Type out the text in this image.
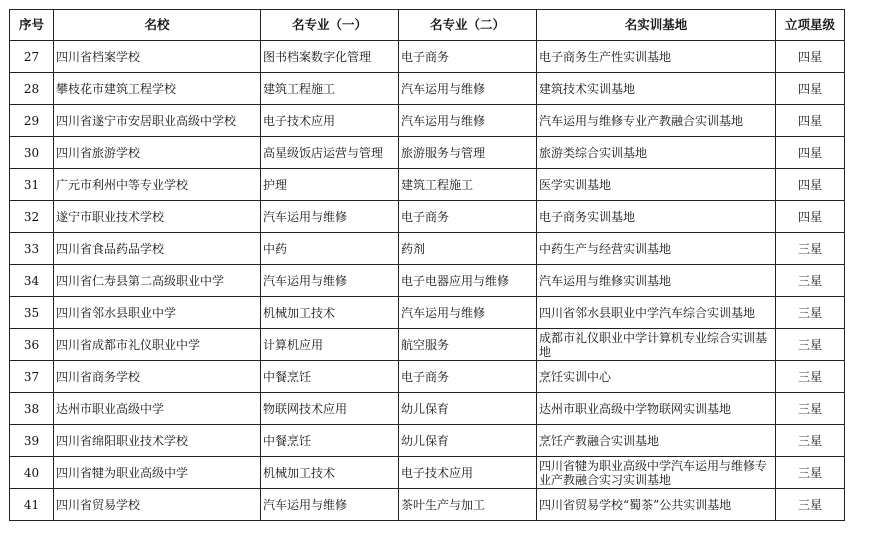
序号	名校	名专业（一）	名专业（二）	名实训基地	立项星级
27	四川省档案学校	图书档案数字化管理	电子商务	电子商务生产性实训基地	四星
28	攀枝花市建筑工程学校	建筑工程施工	汽车运用与维修	建筑技术实训基地	四星
29	四川省遂宁市安居职业高级中学校	电子技术应用	汽车运用与维修	汽车运用与维修专业产教融合实训基地	四星
30	四川省旅游学校	高星级饭店运营与管理	旅游服务与管理	旅游类综合实训基地	四星
31	广元市利州中等专业学校	护理	建筑工程施工	医学实训基地	四星
32	遂宁市职业技术学校	汽车运用与维修	电子商务	电子商务实训基地	四星
33	四川省食品药品学校	中药	药剂	中药生产与经营实训基地	三星
34	四川省仁寿县第二高级职业中学	汽车运用与维修	电子电器应用与维修	汽车运用与维修实训基地	三星
35	四川省邻水县职业中学	机械加工技术	汽车运用与维修	四川省邻水县职业中学汽车综合实训基地	三星
36	四川省成都市礼仪职业中学	计算机应用	航空服务	成都市礼仪职业中学计算机专业综合实训基地	三星
37	四川省商务学校	中餐烹饪	电子商务	烹饪实训中心	三星
38	达州市职业高级中学	物联网技术应用	幼儿保育	达州市职业高级中学物联网实训基地	三星
39	四川省绵阳职业技术学校	中餐烹饪	幼儿保育	烹饪产教融合实训基地	三星
40	四川省犍为职业高级中学	机械加工技术	电子技术应用	四川省犍为职业高级中学汽车运用与维修专业产教融合实习实训基地	三星
41	四川省贸易学校	汽车运用与维修	茶叶生产与加工	四川省贸易学校“蜀茶”公共实训基地	三星
